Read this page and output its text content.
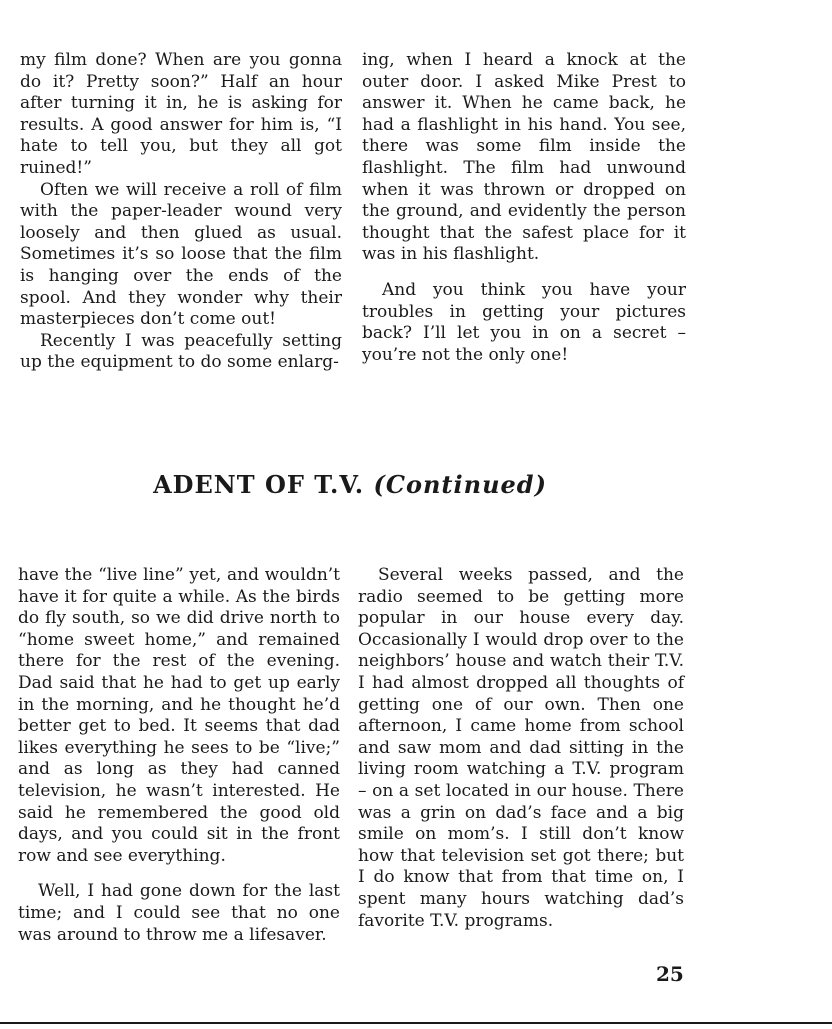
my film done? When are you gonna do it? Pretty soon?” Half an hour after turning it in, he is asking for results. A good answer for him is, “I hate to tell you, but they all got ruined!”

Often we will receive a roll of film with the paper-leader wound very loosely and then glued as usual. Sometimes it’s so loose that the film is hanging over the ends of the spool. And they wonder why their masterpieces don’t come out!

Recently I was peacefully setting up the equipment to do some enlarg-

ing, when I heard a knock at the outer door. I asked Mike Prest to answer it. When he came back, he had a flashlight in his hand. You see, there was some film inside the flashlight. The film had unwound when it was thrown or dropped on the ground, and evidently the person thought that the safest place for it was in his flashlight.

And you think you have your troubles in getting your pictures back? I’ll let you in on a secret – you’re not the only one!

ADENT OF T.V. (Continued)

have the “live line” yet, and wouldn’t have it for quite a while. As the birds do fly south, so we did drive north to “home sweet home,” and remained there for the rest of the evening. Dad said that he had to get up early in the morning, and he thought he’d better get to bed. It seems that dad likes everything he sees to be “live;” and as long as they had canned television, he wasn’t interested. He said he remembered the good old days, and you could sit in the front row and see everything.

Well, I had gone down for the last time; and I could see that no one was around to throw me a lifesaver.

Several weeks passed, and the radio seemed to be getting more popular in our house every day. Occasionally I would drop over to the neighbors’ house and watch their T.V. I had almost dropped all thoughts of getting one of our own. Then one afternoon, I came home from school and saw mom and dad sitting in the living room watching a T.V. program – on a set located in our house. There was a grin on dad’s face and a big smile on mom’s. I still don’t know how that television set got there; but I do know that from that time on, I spent many hours watching dad’s favorite T.V. programs.

25
